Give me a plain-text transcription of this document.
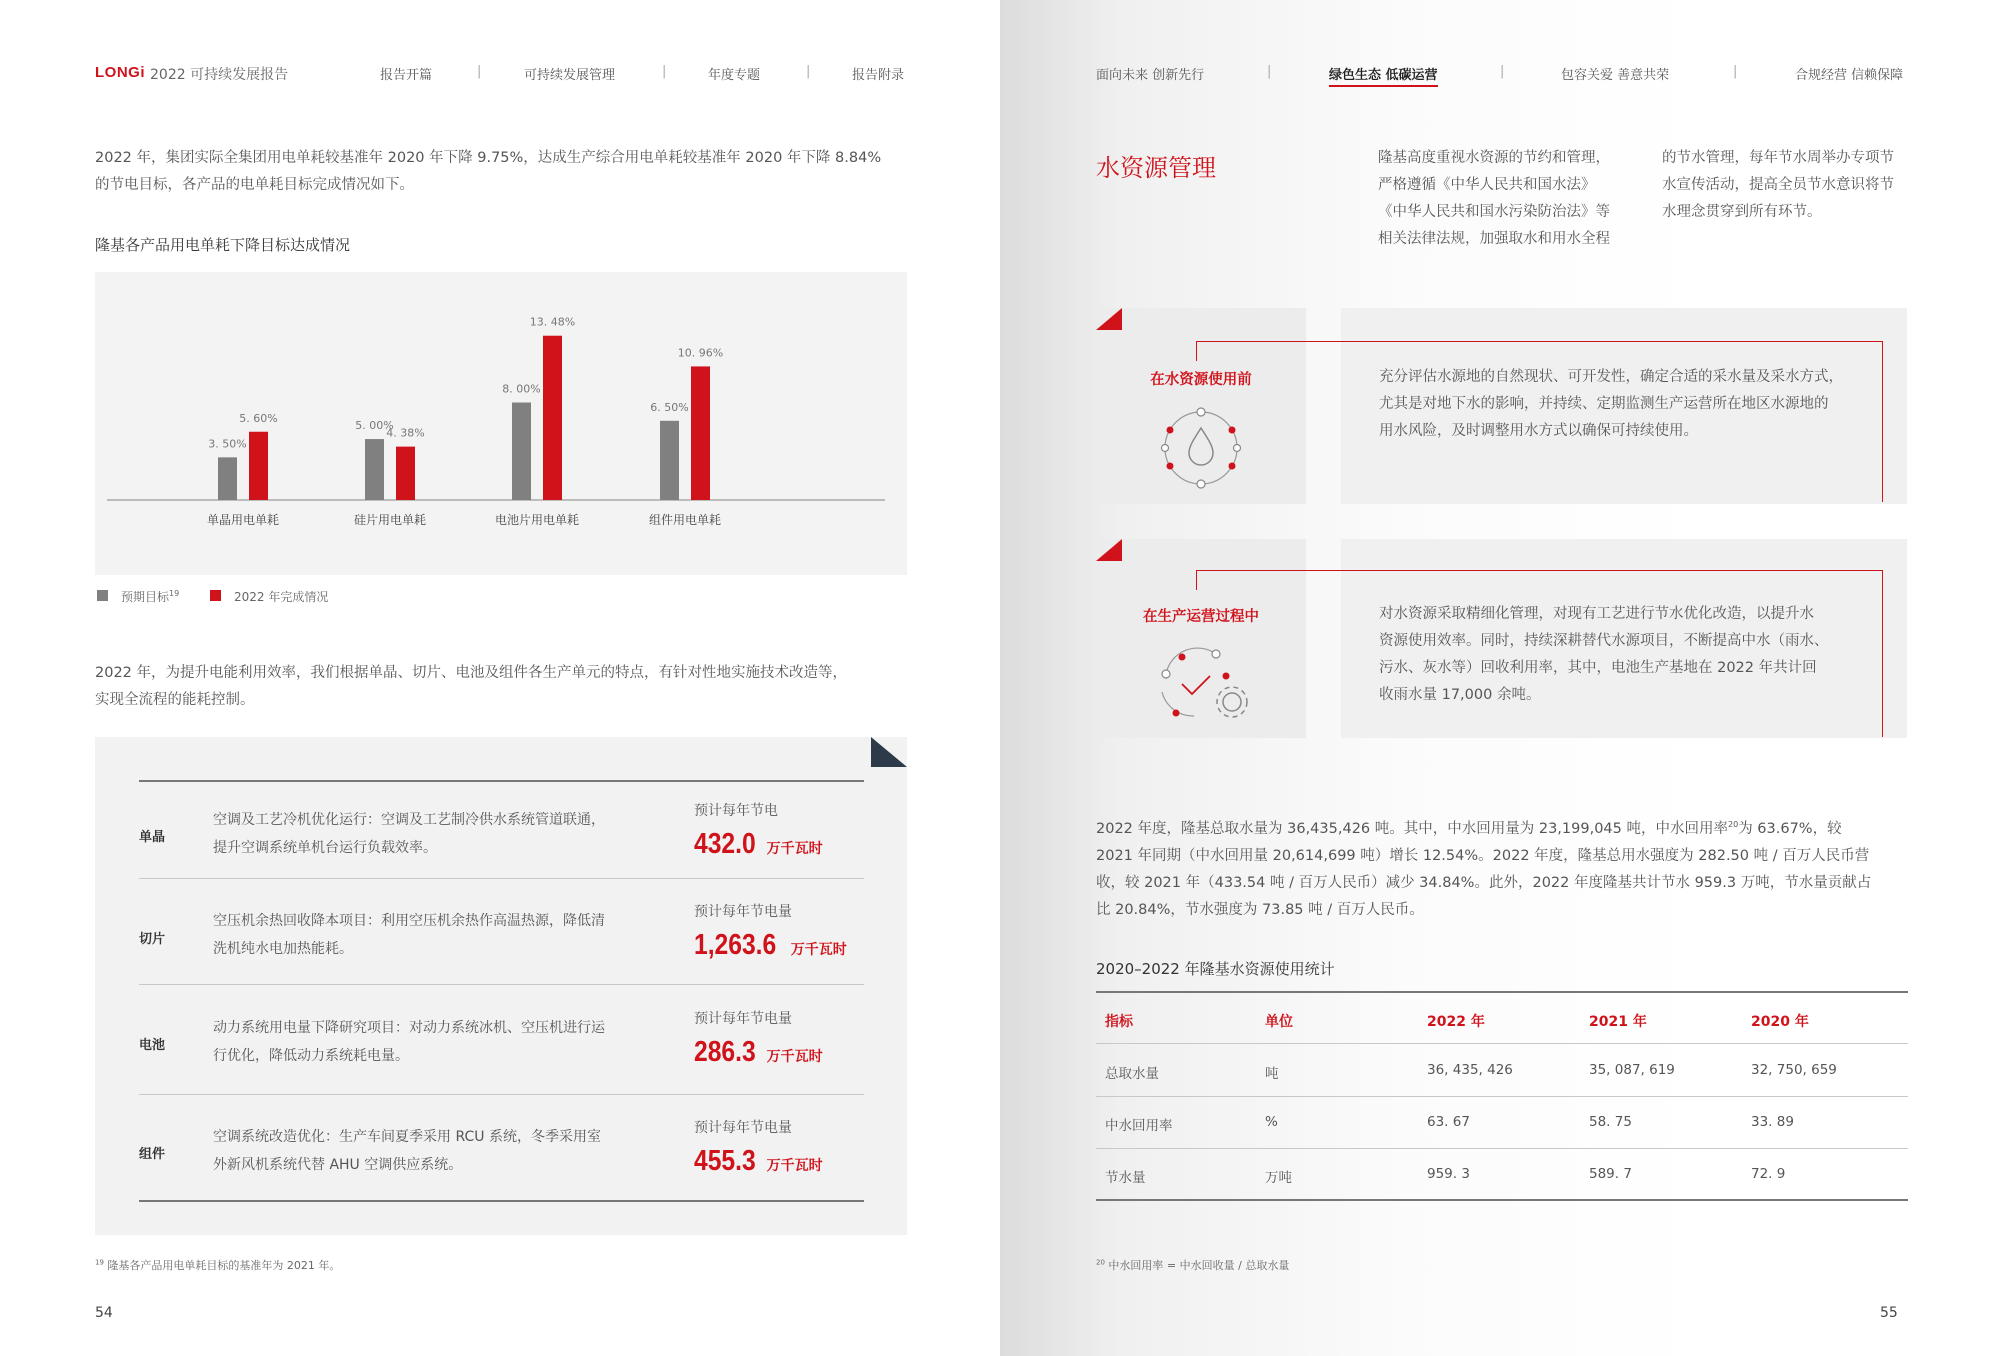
LONGi 2022 可持续发展报告	报告开篇	|	可持续发展管理	|	年度专题	|	报告附录
2022 年，集团实际全集团用电单耗较基准年 2020 年下降 9.75%，达成生产综合用电单耗较基准年 2020 年下降 8.84%
的节电目标，各产品的电单耗目标完成情况如下。
隆基各产品用电单耗下降目标达成情况
3. 50%
5. 60%
单晶用电单耗
5. 00%
4. 38%
硅片用电单耗
8. 00%
13. 48%
电池片用电单耗
6. 50%
10. 96%
组件用电单耗
预期目标$^{19}$	2022 年完成情况
2022 年，为提升电能利用效率，我们根据单晶、切片、电池及组件各生产单元的特点，有针对性地实施技术改造等，
实现全流程的能耗控制。
单晶
空调及工艺冷机优化运行：空调及工艺制冷供水系统管道联通，
提升空调系统单机台运行负载效率。
预计每年节电
432.0 万千瓦时
切片
空压机余热回收降本项目：利用空压机余热作高温热源，降低清
洗机纯水电加热能耗。
预计每年节电量
1,263.6 万千瓦时
电池
动力系统用电量下降研究项目：对动力系统冰机、空压机进行运
行优化，降低动力系统耗电量。
预计每年节电量
286.3 万千瓦时
组件
空调系统改造优化：生产车间夏季采用 RCU 系统，冬季采用室
外新风机系统代替 AHU 空调供应系统。
预计每年节电量
455.3 万千瓦时
$^{19}$ 隆基各产品用电单耗目标的基准年为 2021 年。
54
面向未来 创新先行	|	绿色生态 低碳运营	|	包容关爱 善意共荣	|	合规经营 信赖保障
水资源管理	隆基高度重视水资源的节约和管理，
严格遵循《中华人民共和国水法》
《中华人民共和国水污染防治法》等
相关法律法规，加强取水和用水全程
的节水管理，每年节水周举办专项节
水宣传活动，提高全员节水意识将节
水理念贯穿到所有环节。
在水资源使用前	充分评估水源地的自然现状、可开发性，确定合适的采水量及采水方式，
尤其是对地下水的影响，并持续、定期监测生产运营所在地区水源地的
用水风险，及时调整用水方式以确保可持续使用。
在生产运营过程中	对水资源采取精细化管理，对现有工艺进行节水优化改造，以提升水
资源使用效率。同时，持续深耕替代水源项目，不断提高中水（雨水、
污水、灰水等）回收利用率，其中，电池生产基地在 2022 年共计回
收雨水量 17,000 余吨。
2022 年度，隆基总取水量为 36,435,426 吨。其中，中水回用量为 23,199,045 吨，中水回用率$^{20}$为 63.67%，较
2021 年同期（中水回用量 20,614,699 吨）增长 12.54%。2022 年度，隆基总用水强度为 282.50 吨 / 百万人民币营
收，较 2021 年（433.54 吨 / 百万人民币）减少 34.84%。此外，2022 年度隆基共计节水 959.3 万吨，节水量贡献占
比 20.84%，节水强度为 73.85 吨 / 百万人民币。
2020–2022 年隆基水资源使用统计
指标	单位	2022 年	2021 年	2020 年
总取水量	吨	36, 435, 426	35, 087, 619	32, 750, 659
中水回用率	%	63. 67	58. 75	33. 89
节水量	万吨	959. 3	589. 7	72. 9
$^{20}$ 中水回用率 = 中水回收量 / 总取水量
55
